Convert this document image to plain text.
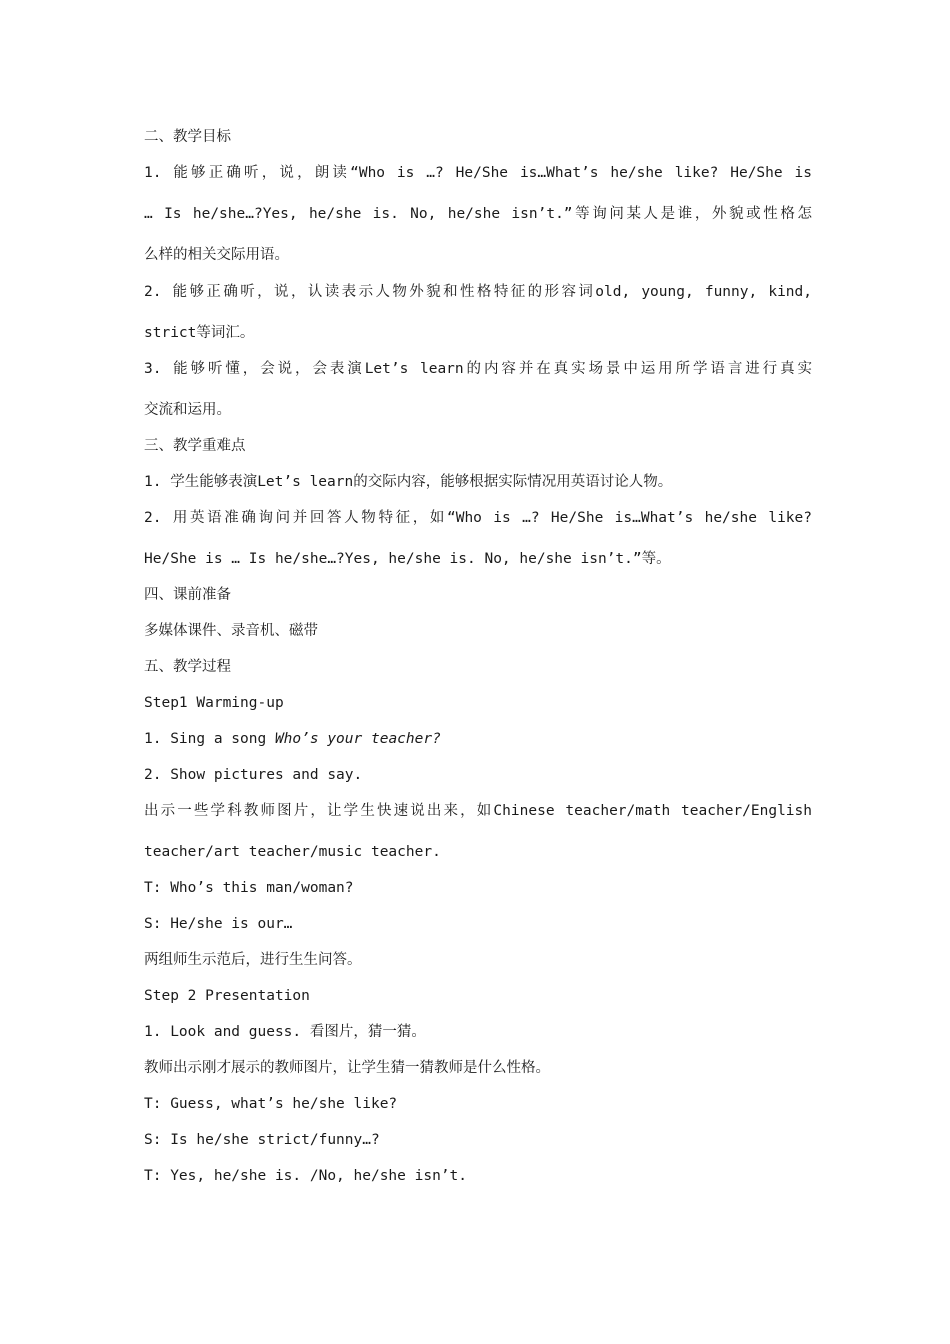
二、教学目标
1. 能够正确听，说，朗读“Who is …? He/She is…What’s he/she like? He/She is
… Is he/she…?Yes, he/she is. No, he/she isn’t.”等询问某人是谁，外貌或性格怎
么样的相关交际用语。
2. 能够正确听，说，认读表示人物外貌和性格特征的形容词old, young, funny, kind,
strict等词汇。
3. 能够听懂，会说，会表演Let’s learn的内容并在真实场景中运用所学语言进行真实
交流和运用。
三、教学重难点
1. 学生能够表演Let’s learn的交际内容，能够根据实际情况用英语讨论人物。
2. 用英语准确询问并回答人物特征，如“Who is …? He/She is…What’s he/she like?
He/She is … Is he/she…?Yes, he/she is. No, he/she isn’t.”等。
四、课前准备
多媒体课件、录音机、磁带
五、教学过程
Step1 Warming-up
1. Sing a song Who’s your teacher?
2. Show pictures and say.
出示一些学科教师图片，让学生快速说出来，如Chinese teacher/math teacher/English
teacher/art teacher/music teacher.
T: Who’s this man/woman?
S: He/she is our…
两组师生示范后，进行生生问答。
Step 2 Presentation
1. Look and guess. 看图片，猜一猜。
教师出示刚才展示的教师图片，让学生猜一猜教师是什么性格。
T: Guess, what’s he/she like?
S: Is he/she strict/funny…?
T: Yes, he/she is. /No, he/she isn’t.
